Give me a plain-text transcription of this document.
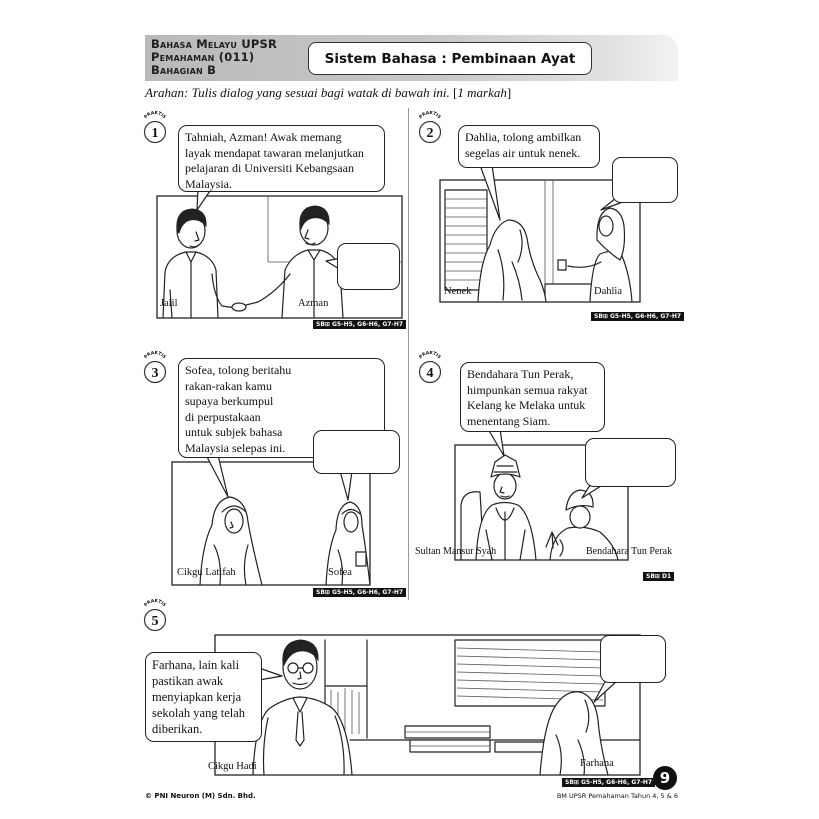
Bahasa Melayu UPSR
Pemahaman (011)
Bahagian B
Sistem Bahasa : Pembinaan Ayat
Arahan: Tulis dialog yang sesuai bagi watak di bawah ini. [1 markah]
PRAKTIS
1
PRAKTIS
2
PRAKTIS
3
PRAKTIS
4
PRAKTIS
5
Tahniah, Azman! Awak memang
layak mendapat tawaran melanjutkan
pelajaran di Universiti Kebangsaan
Malaysia.
Jalil	Azman
SB⊞ G5-H5, G6-H6, G7-H7
Dahlia, tolong ambilkan
segelas air untuk nenek.
Nenek	Dahlia
SB⊞ G5-H5, G6-H6, G7-H7
Sofea, tolong beritahu
rakan-rakan kamu
supaya berkumpul
di perpustakaan
untuk subjek bahasa
Malaysia selepas ini.
Cikgu Latifah	Sofea
SB⊞ G5-H5, G6-H6, G7-H7
Bendahara Tun Perak,
himpunkan semua rakyat
Kelang ke Melaka untuk
menentang Siam.
Sultan Mansur Syah	Bendahara Tun Perak
SB⊞ D1
Farhana, lain kali
pastikan awak
menyiapkan kerja
sekolah yang telah
diberikan.
Cikgu Hadi	Farhana
SB⊞ G5-H5, G6-H6, G7-H7 9
© PNI Neuron (M) Sdn. Bhd.	BM UPSR Pemahaman Tahun 4, 5 & 6
